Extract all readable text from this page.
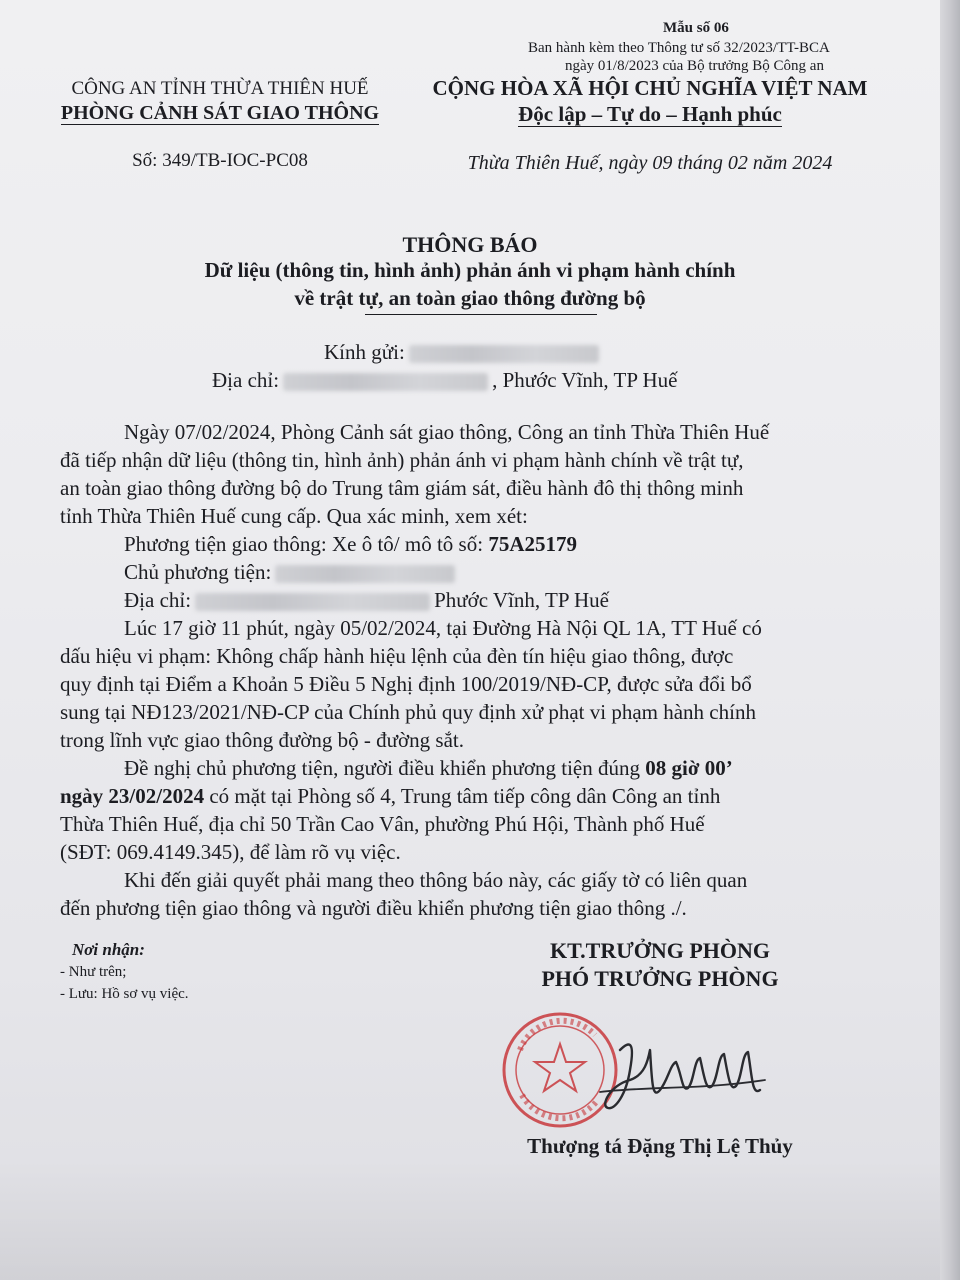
Mẫu số 06
Ban hành kèm theo Thông tư số 32/2023/TT-BCA
ngày 01/8/2023 của Bộ trưởng Bộ Công an
CÔNG AN TỈNH THỪA THIÊN HUẾ
PHÒNG CẢNH SÁT GIAO THÔNG
Số: 349/TB-IOC-PC08
CỘNG HÒA XÃ HỘI CHỦ NGHĨA VIỆT NAM
Độc lập – Tự do – Hạnh phúc
Thừa Thiên Huế, ngày 09 tháng 02 năm 2024
THÔNG BÁO
Dữ liệu (thông tin, hình ảnh) phản ánh vi phạm hành chính
về trật tự, an toàn giao thông đường bộ
Kính gửi:
Địa chỉ:	, Phước Vĩnh, TP Huế
Ngày 07/02/2024, Phòng Cảnh sát giao thông, Công an tỉnh Thừa Thiên Huế
đã tiếp nhận dữ liệu (thông tin, hình ảnh) phản ánh vi phạm hành chính về trật tự,
an toàn giao thông đường bộ do Trung tâm giám sát, điều hành đô thị thông minh
tỉnh Thừa Thiên Huế cung cấp. Qua xác minh, xem xét:
Phương tiện giao thông: Xe ô tô/ mô tô số: 75A25179
Chủ phương tiện:
Địa chỉ:	Phước Vĩnh, TP Huế
Lúc 17 giờ 11 phút, ngày 05/02/2024, tại Đường Hà Nội QL 1A, TT Huế có
dấu hiệu vi phạm: Không chấp hành hiệu lệnh của đèn tín hiệu giao thông, được
quy định tại Điểm a Khoản 5 Điều 5 Nghị định 100/2019/NĐ-CP, được sửa đổi bổ
sung tại NĐ123/2021/NĐ-CP của Chính phủ quy định xử phạt vi phạm hành chính
trong lĩnh vực giao thông đường bộ - đường sắt.
Đề nghị chủ phương tiện, người điều khiển phương tiện đúng 08 giờ 00’
ngày 23/02/2024 có mặt tại Phòng số 4, Trung tâm tiếp công dân Công an tỉnh
Thừa Thiên Huế, địa chỉ 50 Trần Cao Vân, phường Phú Hội, Thành phố Huế
(SĐT: 069.4149.345), để làm rõ vụ việc.
Khi đến giải quyết phải mang theo thông báo này, các giấy tờ có liên quan
đến phương tiện giao thông và người điều khiển phương tiện giao thông ./.
Nơi nhận:
- Như trên;
- Lưu: Hồ sơ vụ việc.
KT.TRƯỞNG PHÒNG
PHÓ TRƯỞNG PHÒNG
Thượng tá Đặng Thị Lệ Thủy
